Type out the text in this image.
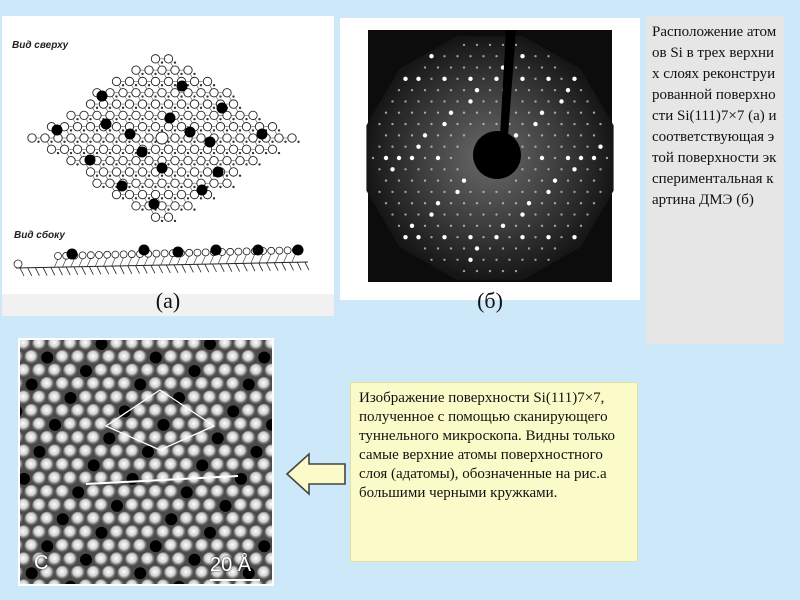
Вид сверху
Вид сбоку
(а)	(б)
Расположение атомов Si в трех верхних слоях реконструированной поверхности Si(111)7×7 (а) и соответствующая этой поверхности экспериментальная картина ДМЭ (б)
C	20 Å
Изображение поверхности Si(111)7×7, полученное с помощью сканирующего туннельного микроскопа. Видны только самые верхние атомы поверхностного слоя (адатомы), обозначенные на рис.а большими черными кружками.
